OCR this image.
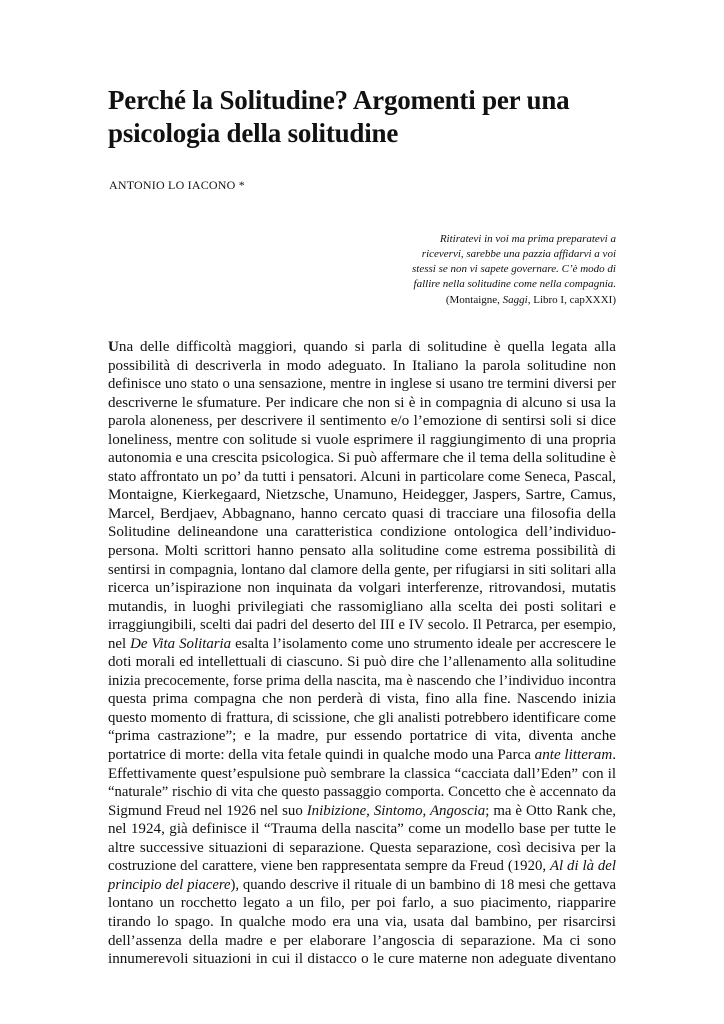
Perché la Solitudine? Argomenti per una psicologia della solitudine
ANTONIO LO IACONO *
Ritiratevi in voi ma prima preparatevi a
ricevervi, sarebbe una pazzia affidarvi a voi
stessi se non vi sapete governare. C’è modo di
fallire nella solitudine come nella compagnia.
(Montaigne, Saggi, Libro I, capXXXI)
Una delle difficoltà maggiori, quando si parla di solitudine è quella legata alla
possibilità di descriverla in modo adeguato. In Italiano la parola solitudine non
definisce uno stato o una sensazione, mentre in inglese si usano tre termini diversi per
descriverne le sfumature. Per indicare che non si è in compagnia di alcuno si usa la
parola aloneness, per descrivere il sentimento e/o l’emozione di sentirsi soli si dice
loneliness, mentre con solitude si vuole esprimere il raggiungimento di una propria
autonomia e una crescita psicologica. Si può affermare che il tema della solitudine è
stato affrontato un po’ da tutti i pensatori. Alcuni in particolare come Seneca, Pascal,
Montaigne, Kierkegaard, Nietzsche, Unamuno, Heidegger, Jaspers, Sartre, Camus,
Marcel, Berdjaev, Abbagnano, hanno cercato quasi di tracciare una filosofia della
Solitudine delineandone una caratteristica condizione ontologica dell’individuo-
persona. Molti scrittori hanno pensato alla solitudine come estrema possibilità di
sentirsi in compagnia, lontano dal clamore della gente, per rifugiarsi in siti solitari alla
ricerca un’ispirazione non inquinata da volgari interferenze, ritrovandosi, mutatis
mutandis, in luoghi privilegiati che rassomigliano alla scelta dei posti solitari e
irraggiungibili, scelti dai padri del deserto del III e IV secolo. Il Petrarca, per esempio,
nel De Vita Solitaria esalta l’isolamento come uno strumento ideale per accrescere le
doti morali ed intellettuali di ciascuno. Si può dire che l’allenamento alla solitudine
inizia precocemente, forse prima della nascita, ma è nascendo che l’individuo incontra
questa prima compagna che non perderà di vista, fino alla fine. Nascendo inizia
questo momento di frattura, di scissione, che gli analisti potrebbero identificare come
“prima castrazione”; e la madre, pur essendo portatrice di vita, diventa anche
portatrice di morte: della vita fetale quindi in qualche modo una Parca ante litteram.
Effettivamente quest’espulsione può sembrare la classica “cacciata dall’Eden” con il
“naturale” rischio di vita che questo passaggio comporta. Concetto che è accennato da
Sigmund Freud nel 1926 nel suo Inibizione, Sintomo, Angoscia; ma è Otto Rank che,
nel 1924, già definisce il “Trauma della nascita” come un modello base per tutte le
altre successive situazioni di separazione. Questa separazione, così decisiva per la
costruzione del carattere, viene ben rappresentata sempre da Freud (1920, Al di là del
principio del piacere), quando descrive il rituale di un bambino di 18 mesi che gettava
lontano un rocchetto legato a un filo, per poi farlo, a suo piacimento, riapparire
tirando lo spago. In qualche modo era una via, usata dal bambino, per risarcirsi
dell’assenza della madre e per elaborare l’angoscia di separazione. Ma ci sono
innumerevoli situazioni in cui il distacco o le cure materne non adeguate diventano
